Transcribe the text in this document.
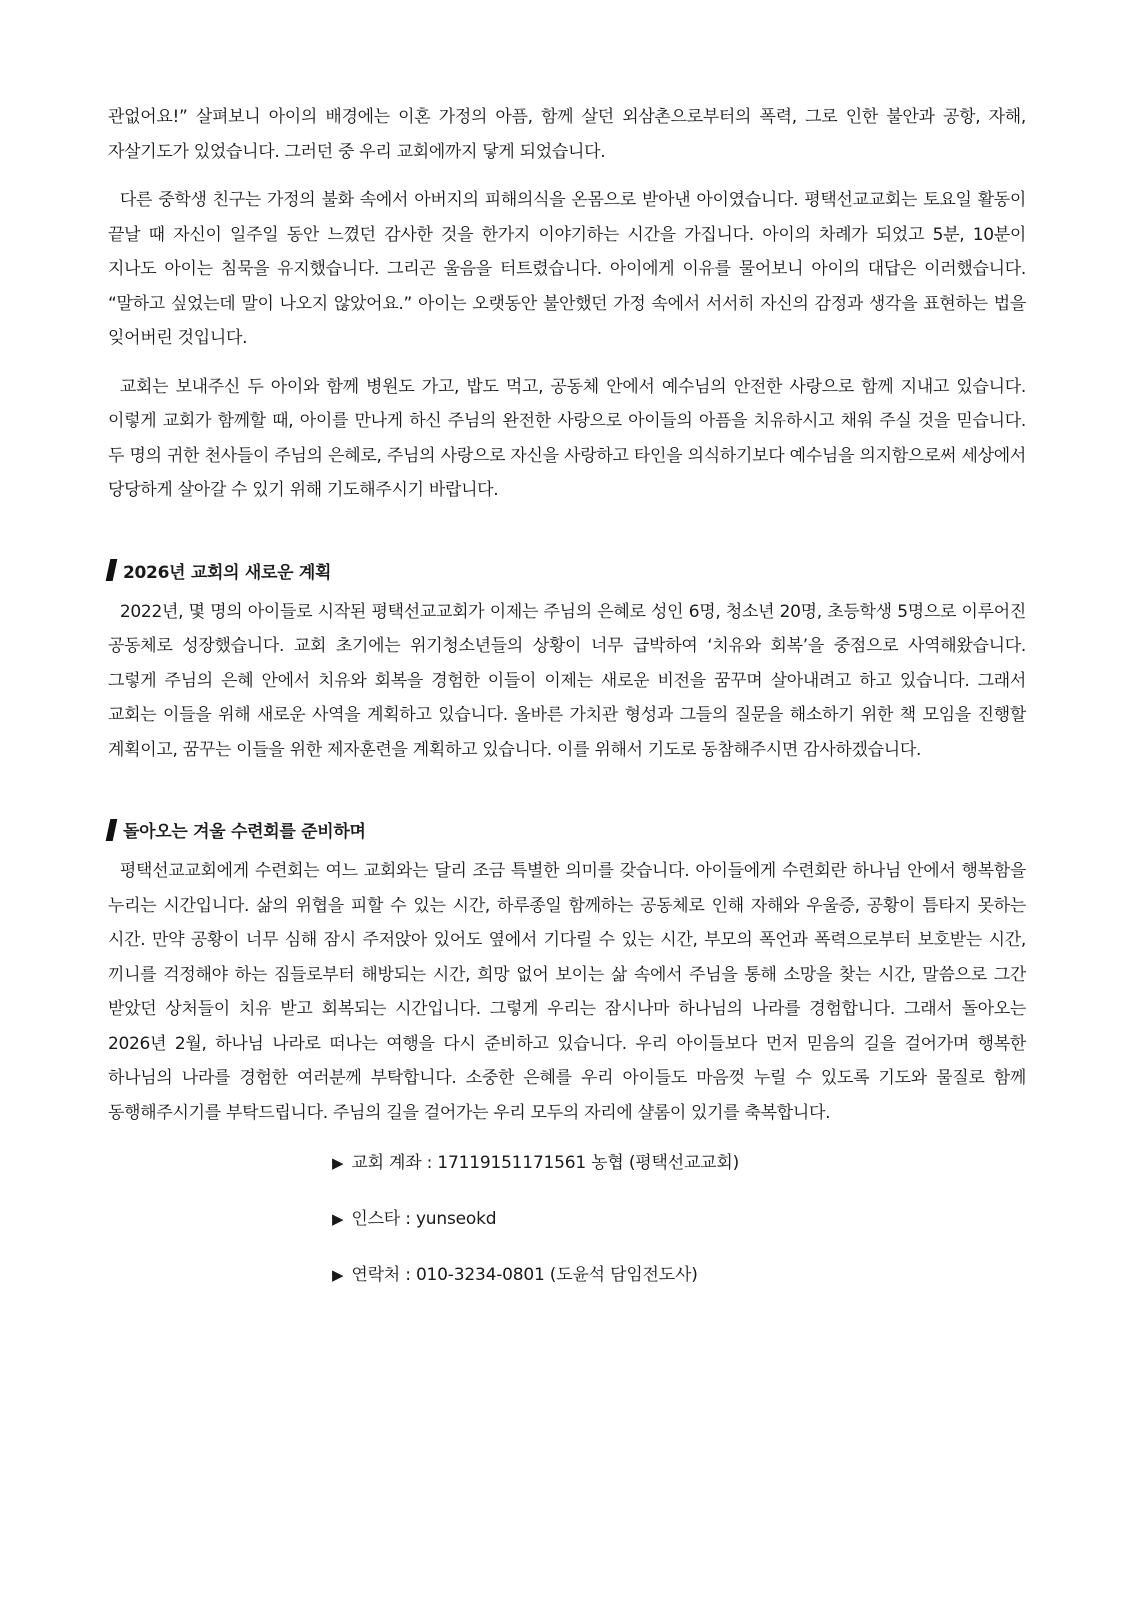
관없어요!” 살펴보니 아이의 배경에는 이혼 가정의 아픔, 함께 살던 외삼촌으로부터의 폭력, 그로 인한 불안과 공항, 자해, 자살기도가 있었습니다. 그러던 중 우리 교회에까지 닿게 되었습니다.

다른 중학생 친구는 가정의 불화 속에서 아버지의 피해의식을 온몸으로 받아낸 아이였습니다. 평택선교교회는 토요일 활동이 끝날 때 자신이 일주일 동안 느꼈던 감사한 것을 한가지 이야기하는 시간을 가집니다. 아이의 차례가 되었고 5분, 10분이 지나도 아이는 침묵을 유지했습니다. 그리곤 울음을 터트렸습니다. 아이에게 이유를 물어보니 아이의 대답은 이러했습니다. “말하고 싶었는데 말이 나오지 않았어요.” 아이는 오랫동안 불안했던 가정 속에서 서서히 자신의 감정과 생각을 표현하는 법을 잊어버린 것입니다.

교회는 보내주신 두 아이와 함께 병원도 가고, 밥도 먹고, 공동체 안에서 예수님의 안전한 사랑으로 함께 지내고 있습니다. 이렇게 교회가 함께할 때, 아이를 만나게 하신 주님의 완전한 사랑으로 아이들의 아픔을 치유하시고 채워 주실 것을 믿습니다. 두 명의 귀한 천사들이 주님의 은혜로, 주님의 사랑으로 자신을 사랑하고 타인을 의식하기보다 예수님을 의지함으로써 세상에서 당당하게 살아갈 수 있기 위해 기도해주시기 바랍니다.

2026년 교회의 새로운 계획

2022년, 몇 명의 아이들로 시작된 평택선교교회가 이제는 주님의 은혜로 성인 6명, 청소년 20명, 초등학생 5명으로 이루어진 공동체로 성장했습니다. 교회 초기에는 위기청소년들의 상황이 너무 급박하여 ‘치유와 회복’을 중점으로 사역해왔습니다. 그렇게 주님의 은혜 안에서 치유와 회복을 경험한 이들이 이제는 새로운 비전을 꿈꾸며 살아내려고 하고 있습니다. 그래서 교회는 이들을 위해 새로운 사역을 계획하고 있습니다. 올바른 가치관 형성과 그들의 질문을 해소하기 위한 책 모임을 진행할 계획이고, 꿈꾸는 이들을 위한 제자훈련을 계획하고 있습니다. 이를 위해서 기도로 동참해주시면 감사하겠습니다.

돌아오는 겨울 수련회를 준비하며

평택선교교회에게 수련회는 여느 교회와는 달리 조금 특별한 의미를 갖습니다. 아이들에게 수련회란 하나님 안에서 행복함을 누리는 시간입니다. 삶의 위협을 피할 수 있는 시간, 하루종일 함께하는 공동체로 인해 자해와 우울증, 공황이 틈타지 못하는 시간. 만약 공황이 너무 심해 잠시 주저앉아 있어도 옆에서 기다릴 수 있는 시간, 부모의 폭언과 폭력으로부터 보호받는 시간, 끼니를 걱정해야 하는 짐들로부터 해방되는 시간, 희망 없어 보이는 삶 속에서 주님을 통해 소망을 찾는 시간, 말씀으로 그간 받았던 상처들이 치유 받고 회복되는 시간입니다. 그렇게 우리는 잠시나마 하나님의 나라를 경험합니다. 그래서 돌아오는 2026년 2월, 하나님 나라로 떠나는 여행을 다시 준비하고 있습니다. 우리 아이들보다 먼저 믿음의 길을 걸어가며 행복한 하나님의 나라를 경험한 여러분께 부탁합니다. 소중한 은혜를 우리 아이들도 마음껏 누릴 수 있도록 기도와 물질로 함께 동행해주시기를 부탁드립니다. 주님의 길을 걸어가는 우리 모두의 자리에 샬롬이 있기를 축복합니다.

▶ 교회 계좌 : 17119151171561 농협 (평택선교교회)
▶ 인스타 : yunseokd
▶ 연락처 : 010-3234-0801 (도윤석 담임전도사)
